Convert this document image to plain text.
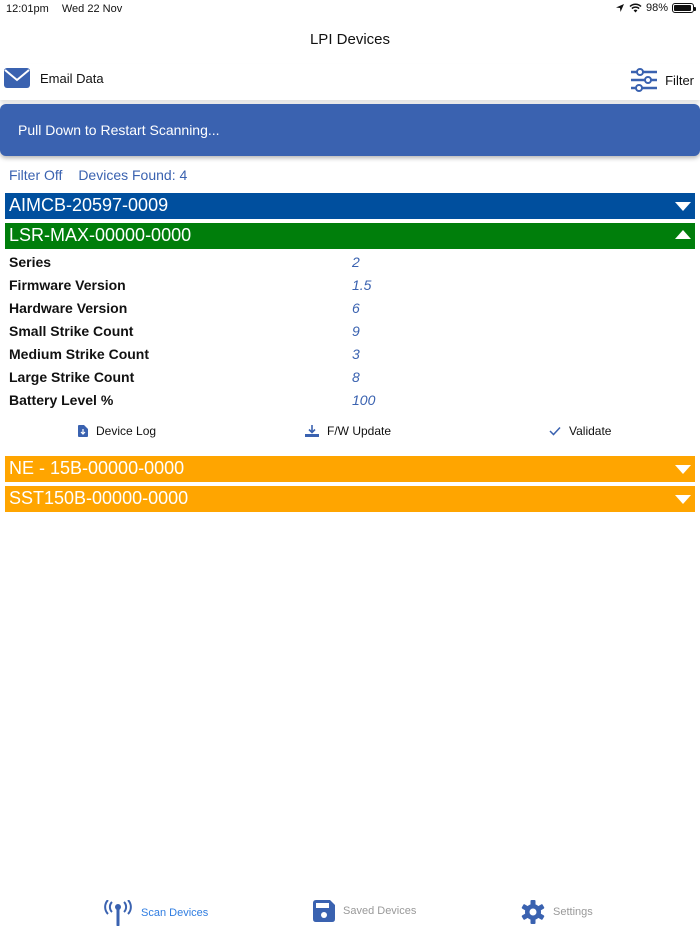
12:01pm Wed 22 Nov	98%
LPI Devices
Email Data	Filter
Pull Down to Restart Scanning...
Filter Off Devices Found: 4
AIMCB-20597-0009
LSR-MAX-00000-0000
Series	2
Firmware Version	1.5
Hardware Version	6
Small Strike Count	9
Medium Strike Count	3
Large Strike Count	8
Battery Level %	100
Device Log	F/W Update	Validate
NE - 15B-00000-0000
SST150B-00000-0000
Scan Devices	Saved Devices	Settings
